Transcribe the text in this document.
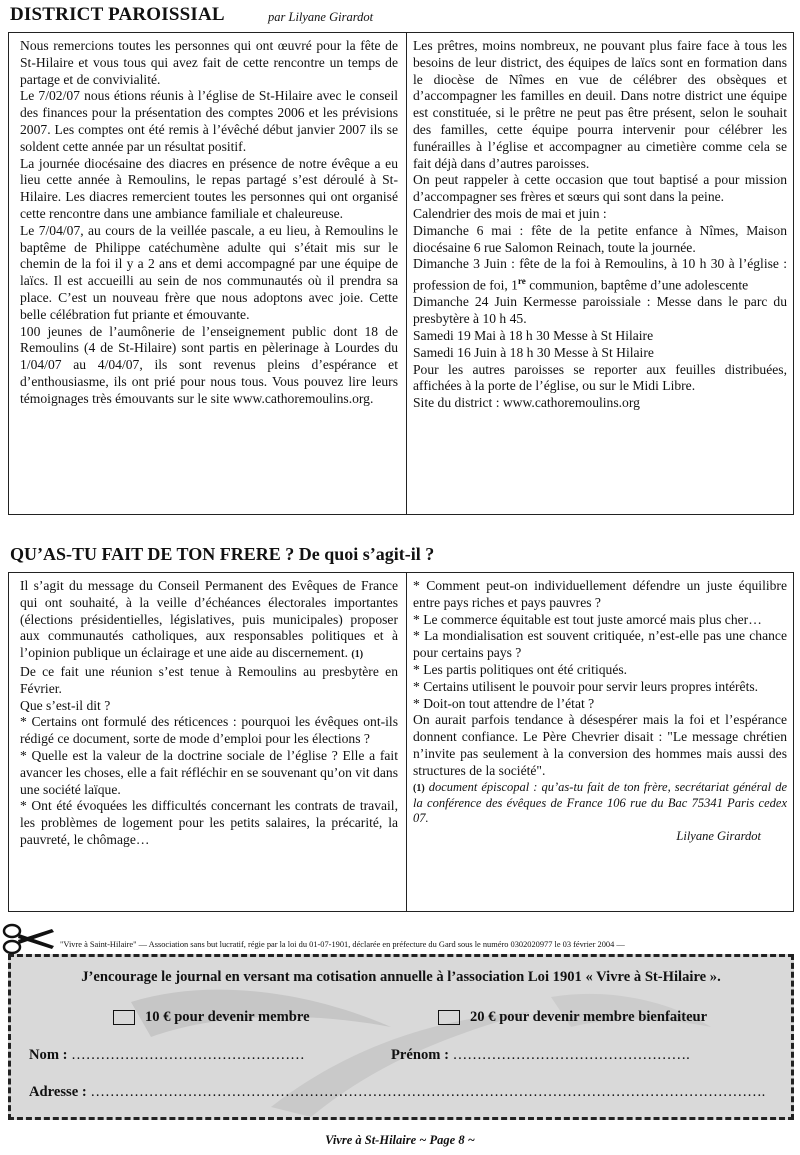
DISTRICT PAROISSIAL	par Lilyane Girardot

Nous remercions toutes les personnes qui ont œuvré pour la fête de St-Hilaire et vous tous qui avez fait de cette rencontre un temps de partage et de convivialité.

Le 7/02/07 nous étions réunis à l’église de St-Hilaire avec le conseil des finances pour la présentation des comptes 2006 et les prévisions 2007. Les comptes ont été remis à l’évêché début janvier 2007 ils se soldent cette année par un résultat positif.

La journée diocésaine des diacres en présence de notre évêque a eu lieu cette année à Remoulins, le repas partagé s’est déroulé à St-Hilaire. Les diacres remercient toutes les personnes qui ont organisé cette rencontre dans une ambiance familiale et chaleureuse.

Le 7/04/07, au cours de la veillée pascale, a eu lieu, à Remoulins le baptême de Philippe catéchumène adulte qui s’était mis sur le chemin de la foi il y a 2 ans et demi accompagné par une équipe de laïcs. Il est accueilli au sein de nos communautés où il prendra sa place. C’est un nouveau frère que nous adoptons avec joie. Cette belle célébration fut priante et émouvante.

100 jeunes de l’aumônerie de l’enseignement public dont 18 de Remoulins (4 de St-Hilaire) sont partis en pèlerinage à Lourdes du 1/04/07 au 4/04/07, ils sont revenus pleins d’espérance et d’enthousiasme, ils ont prié pour nous tous. Vous pouvez lire leurs témoignages très émouvants sur le site www.cathoremoulins.org.

Les prêtres, moins nombreux, ne pouvant plus faire face à tous les besoins de leur district, des équipes de laïcs sont en formation dans le diocèse de Nîmes en vue de célébrer des obsèques et d’accompagner les familles en deuil. Dans notre district une équipe est constituée, si le prêtre ne peut pas être présent, selon le souhait des familles, cette équipe pourra intervenir pour célébrer les funérailles à l’église et accompagner au cimetière comme cela se fait déjà dans d’autres paroisses.

On peut rappeler à cette occasion que tout baptisé a pour mission d’accompagner ses frères et sœurs qui sont dans la peine.

Calendrier des mois de mai et juin :

Dimanche 6 mai : fête de la petite enfance à Nîmes, Maison diocésaine 6 rue Salomon Reinach, toute la journée.

Dimanche 3 Juin : fête de la foi à Remoulins, à 10 h 30 à l’église : profession de foi, 1re communion, baptême d’une adolescente

Dimanche 24 Juin Kermesse paroissiale : Messe dans le parc du presbytère à 10 h 45.

Samedi 19 Mai à 18 h 30 Messe à St Hilaire

Samedi 16 Juin à 18 h 30 Messe à St Hilaire

Pour les autres paroisses se reporter aux feuilles distribuées, affichées à la porte de l’église, ou sur le Midi Libre.

Site du district : www.cathoremoulins.org

QU’AS-TU FAIT DE TON FRERE ? De quoi s’agit-il ?

Il s’agit du message du Conseil Permanent des Evêques de France qui ont souhaité, à la veille d’échéances électorales importantes (élections présidentielles, législatives, puis municipales) proposer aux communautés catholiques, aux responsables politiques et à l’opinion publique un éclairage et une aide au discernement. (1)

De ce fait une réunion s’est tenue à Remoulins au presbytère en Février.

Que s’est-il dit ?

* Certains ont formulé des réticences : pourquoi les évêques ont-ils rédigé ce document, sorte de mode d’emploi pour les élections ?

* Quelle est la valeur de la doctrine sociale de l’église ? Elle a fait avancer les choses, elle a fait réfléchir en se souvenant qu’on vit dans une société laïque.

* Ont été évoquées les difficultés concernant les contrats de travail, les problèmes de logement pour les petits salaires, la précarité, la pauvreté, le chômage…

* Comment peut-on individuellement défendre un juste équilibre entre pays riches et pays pauvres ?

* Le commerce équitable est tout juste amorcé mais plus cher…

* La mondialisation est souvent critiquée, n’est-elle pas une chance pour certains pays ?

* Les partis politiques ont été critiqués.

* Certains utilisent le pouvoir pour servir leurs propres intérêts.

* Doit-on tout attendre de l’état ?

On aurait parfois tendance à désespérer mais la foi et l’espérance donnent confiance. Le Père Chevrier disait : "Le message chrétien n’invite pas seulement à la conversion des hommes mais aussi des structures de la société".

(1) document épiscopal : qu’as-tu fait de ton frère, secrétariat général de la conférence des évêques de France 106 rue du Bac 75341 Paris cedex 07.

Lilyane Girardot

"Vivre à Saint-Hilaire" — Association sans but lucratif, régie par la loi du 01-07-1901, déclarée en préfecture du Gard sous le numéro 0302020977 le 03 février 2004 —
J’encourage le journal en versant ma cotisation annuelle à l’association Loi 1901 « Vivre à St-Hilaire ».
10 € pour devenir membre	20 € pour devenir membre bienfaiteur
Nom : …………………………………………	Prénom : ………………………………………….
Adresse : ………………………………………………………………………………………………………………………….
Vivre à St-Hilaire ~ Page 8 ~
